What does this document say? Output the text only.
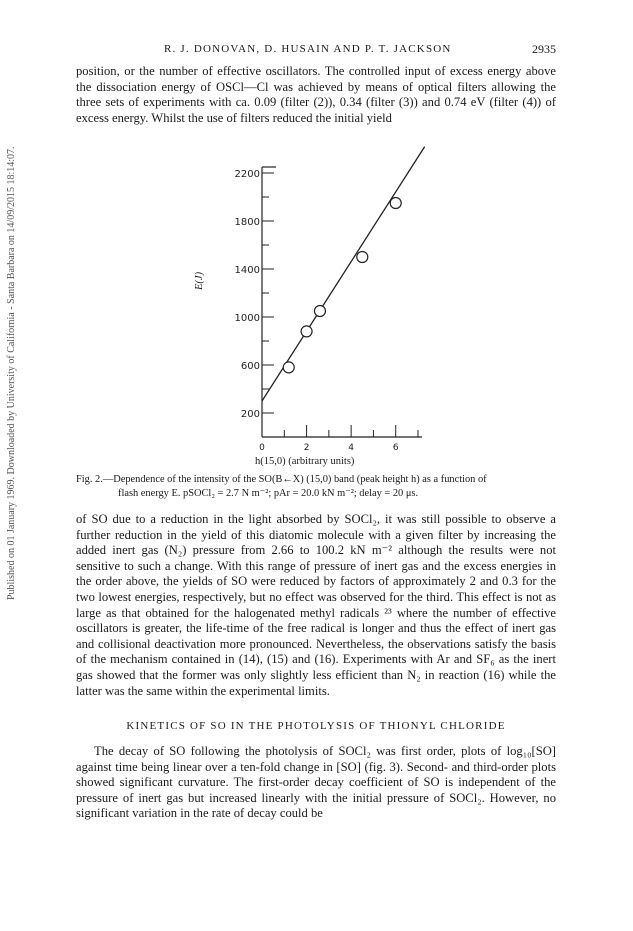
Published on 01 January 1969. Downloaded by University of California - Santa Barbara on 14/09/2015 18:14:07.
R. J. DONOVAN, D. HUSAIN AND P. T. JACKSON	2935

position, or the number of effective oscillators. The controlled input of excess energy above the dissociation energy of OSCl—Cl was achieved by means of optical filters allowing the three sets of experiments with ca. 0.09 (filter (2)), 0.34 (filter (3)) and 0.74 eV (filter (4)) of excess energy. Whilst the use of filters reduced the initial yield

200
600
1000
1400
1800
2200
0	2	4	6
E(J)
h(15,0) (arbitrary units)

Fig. 2.—Dependence of the intensity of the SO(B←X) (15,0) band (peak height h) as a function of
flash energy E. pSOCl₂ = 2.7 N m⁻²; pAr = 20.0 kN m⁻²; delay = 20 μs.

of SO due to a reduction in the light absorbed by SOCl₂, it was still possible to observe a further reduction in the yield of this diatomic molecule with a given filter by increasing the added inert gas (N₂) pressure from 2.66 to 100.2 kN m⁻² although the results were not sensitive to such a change. With this range of pressure of inert gas and the excess energies in the order above, the yields of SO were reduced by factors of approximately 2 and 0.3 for the two lowest energies, respectively, but no effect was observed for the third. This effect is not as large as that obtained for the halogenated methyl radicals ²³ where the number of effective oscillators is greater, the life-time of the free radical is longer and thus the effect of inert gas and collisional deactivation more pronounced. Nevertheless, the observations satisfy the basis of the mechanism contained in (14), (15) and (16). Experiments with Ar and SF₆ as the inert gas showed that the former was only slightly less efficient than N₂ in reaction (16) while the latter was the same within the experimental limits.

KINETICS OF SO IN THE PHOTOLYSIS OF THIONYL CHLORIDE

The decay of SO following the photolysis of SOCl₂ was first order, plots of log₁₀[SO] against time being linear over a ten-fold change in [SO] (fig. 3). Second- and third-order plots showed significant curvature. The first-order decay coefficient of SO is independent of the pressure of inert gas but increased linearly with the initial pressure of SOCl₂. However, no significant variation in the rate of decay could be
